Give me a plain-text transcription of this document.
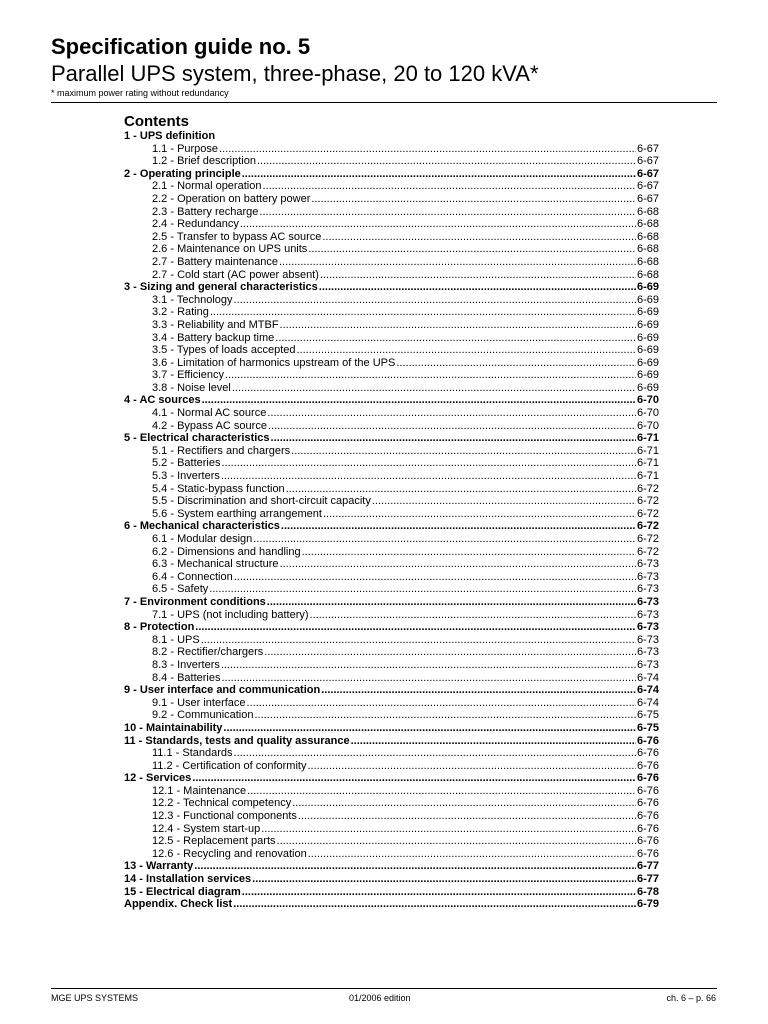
Specification guide no. 5
Parallel UPS system, three-phase, 20 to 120 kVA*
* maximum power rating without redundancy
Contents
1 - UPS definition
1.1 - Purpose .....	6-67
1.2 - Brief description .....	6-67
2 - Operating principle .....	6-67
2.1 - Normal operation .....	6-67
2.2 - Operation on battery power .....	6-67
2.3 - Battery recharge .....	6-68
2.4 - Redundancy .....	6-68
2.5 - Transfer to bypass AC source .....	6-68
2.6 - Maintenance on UPS units .....	6-68
2.7 - Battery maintenance .....	6-68
2.7 - Cold start (AC power absent) .....	6-68
3 - Sizing and general characteristics .....	6-69
3.1 - Technology .....	6-69
3.2 - Rating .....	6-69
3.3 - Reliability and MTBF .....	6-69
3.4 - Battery backup time .....	6-69
3.5 - Types of loads accepted .....	6-69
3.6 - Limitation of harmonics upstream of the UPS .....	6-69
3.7 - Efficiency .....	6-69
3.8 - Noise level .....	6-69
4 - AC sources .....	6-70
4.1 - Normal AC source .....	6-70
4.2 - Bypass AC source .....	6-70
5 - Electrical characteristics .....	6-71
5.1 - Rectifiers and chargers .....	6-71
5.2 - Batteries .....	6-71
5.3 - Inverters .....	6-71
5.4 - Static-bypass function .....	6-72
5.5 - Discrimination and short-circuit capacity .....	6-72
5.6 - System earthing arrangement .....	6-72
6 - Mechanical characteristics .....	6-72
6.1 - Modular design .....	6-72
6.2 - Dimensions and handling .....	6-72
6.3 - Mechanical structure .....	6-73
6.4 - Connection .....	6-73
6.5 - Safety .....	6-73
7 - Environment conditions .....	6-73
7.1 - UPS (not including battery) .....	6-73
8 - Protection .....	6-73
8.1 - UPS .....	6-73
8.2 - Rectifier/chargers .....	6-73
8.3 - Inverters .....	6-73
8.4 - Batteries .....	6-74
9 - User interface and communication .....	6-74
9.1 - User interface .....	6-74
9.2 - Communication .....	6-75
10 - Maintainability .....	6-75
11 - Standards, tests and quality assurance .....	6-76
11.1 - Standards .....	6-76
11.2 - Certification of conformity .....	6-76
12 - Services .....	6-76
12.1 - Maintenance .....	6-76
12.2 - Technical competency .....	6-76
12.3 - Functional components .....	6-76
12.4 - System start-up .....	6-76
12.5 - Replacement parts .....	6-76
12.6 - Recycling and renovation .....	6-76
13 - Warranty .....	6-77
14 - Installation services .....	6-77
15 - Electrical diagram .....	6-78
Appendix. Check list .....	6-79
MGE UPS SYSTEMS	01/2006 edition	ch. 6 – p. 66
